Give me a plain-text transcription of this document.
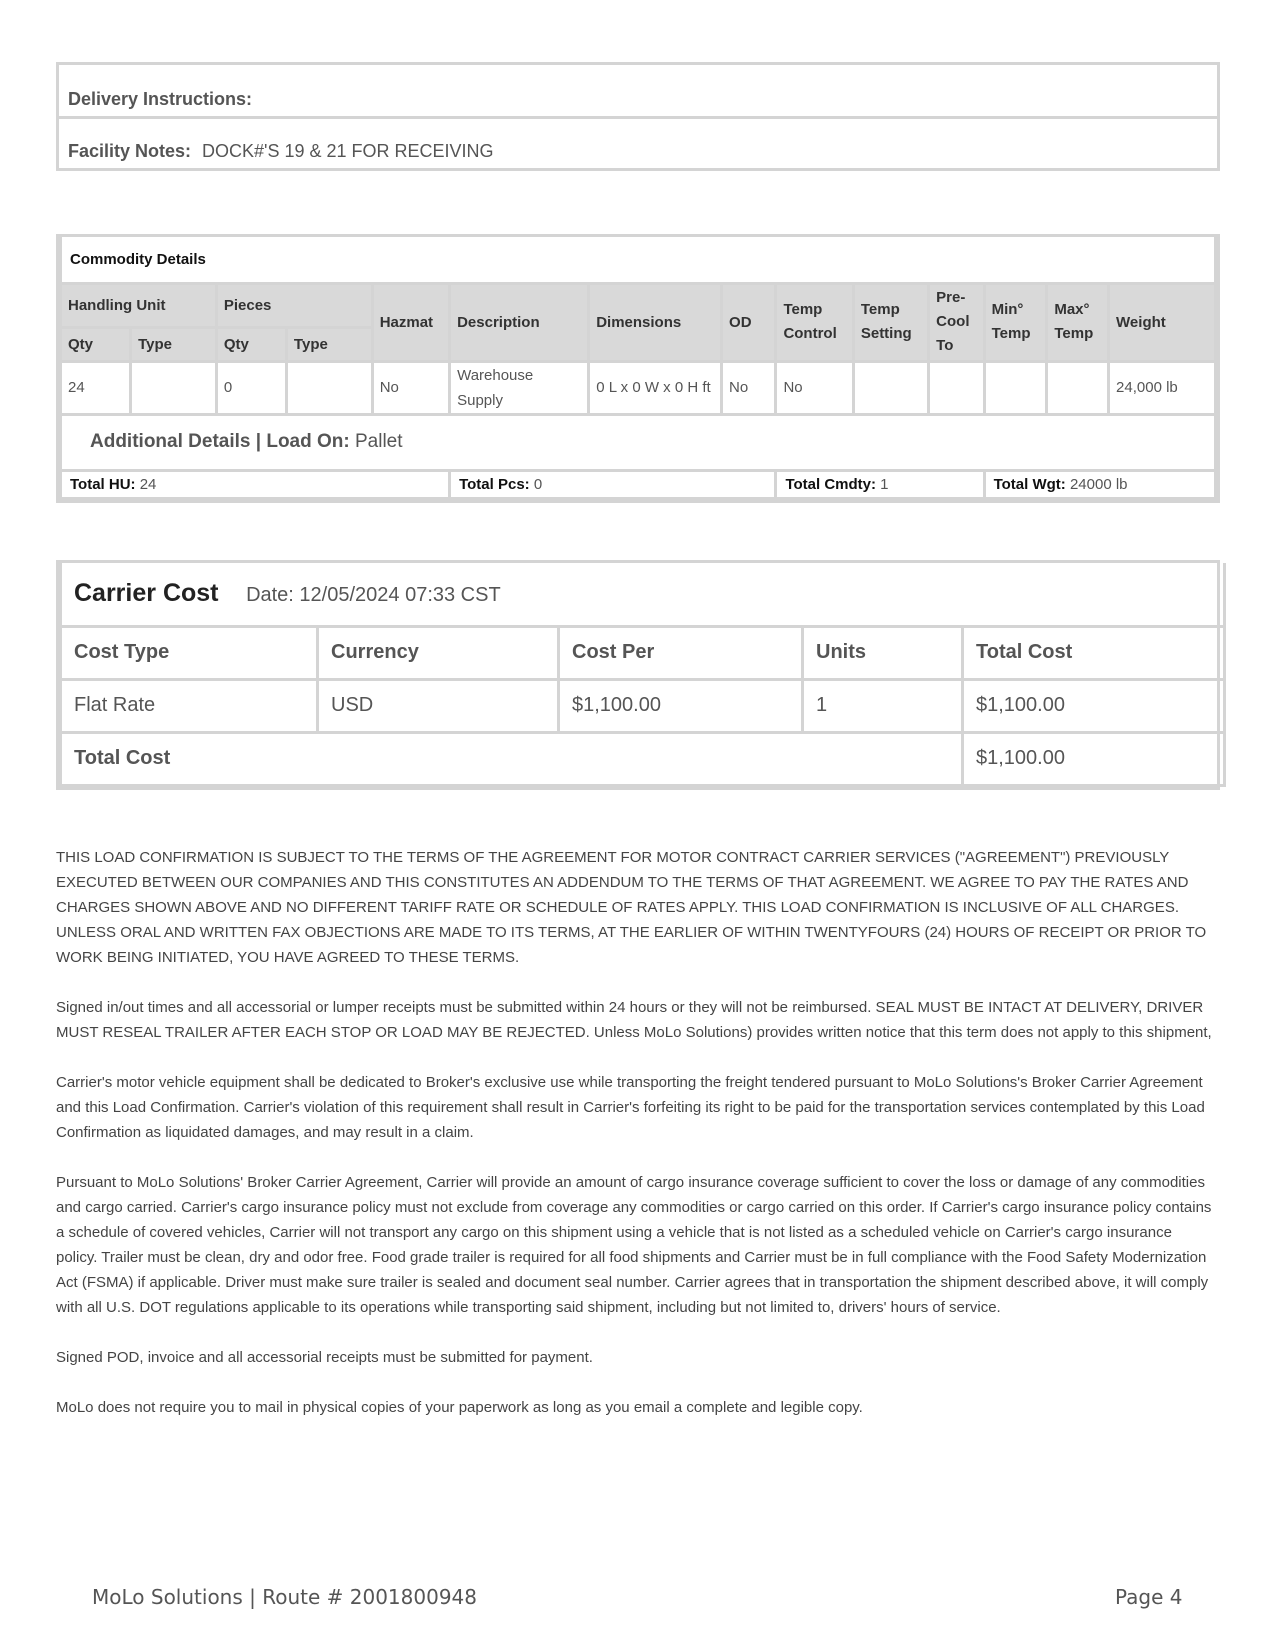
Delivery Instructions:
Facility Notes: DOCK#'S 19 & 21 FOR RECEIVING
Commodity Details													
Handling Unit		Pieces		Hazmat	Description	Dimensions	OD	Temp Control	Temp Setting	Pre-Cool To	Min° Temp	Max° Temp	Weight
Qty	Type	Qty	Type										
24		0		No	Warehouse Supply	0 L x 0 W x 0 H ft	No	No					24,000 lb
Additional Details | Load On: Pallet													
Total HU: 24					Total Pcs: 0			Total Cmdty: 1			Total Wgt: 24000 lb		
Carrier Cost Date: 12/05/2024 07:33 CST				
Cost Type	Currency	Cost Per	Units	Total Cost
Flat Rate	USD	$1,100.00	1	$1,100.00
Total Cost				$1,100.00

THIS LOAD CONFIRMATION IS SUBJECT TO THE TERMS OF THE AGREEMENT FOR MOTOR CONTRACT CARRIER SERVICES ("AGREEMENT") PREVIOUSLY EXECUTED BETWEEN OUR COMPANIES AND THIS CONSTITUTES AN ADDENDUM TO THE TERMS OF THAT AGREEMENT. WE AGREE TO PAY THE RATES AND CHARGES SHOWN ABOVE AND NO DIFFERENT TARIFF RATE OR SCHEDULE OF RATES APPLY. THIS LOAD CONFIRMATION IS INCLUSIVE OF ALL CHARGES. UNLESS ORAL AND WRITTEN FAX OBJECTIONS ARE MADE TO ITS TERMS, AT THE EARLIER OF WITHIN TWENTYFOURS (24) HOURS OF RECEIPT OR PRIOR TO WORK BEING INITIATED, YOU HAVE AGREED TO THESE TERMS.

Signed in/out times and all accessorial or lumper receipts must be submitted within 24 hours or they will not be reimbursed. SEAL MUST BE INTACT AT DELIVERY, DRIVER MUST RESEAL TRAILER AFTER EACH STOP OR LOAD MAY BE REJECTED. Unless MoLo Solutions) provides written notice that this term does not apply to this shipment,

Carrier's motor vehicle equipment shall be dedicated to Broker's exclusive use while transporting the freight tendered pursuant to MoLo Solutions's Broker Carrier Agreement and this Load Confirmation. Carrier's violation of this requirement shall result in Carrier's forfeiting its right to be paid for the transportation services contemplated by this Load Confirmation as liquidated damages, and may result in a claim.

Pursuant to MoLo Solutions' Broker Carrier Agreement, Carrier will provide an amount of cargo insurance coverage sufficient to cover the loss or damage of any commodities and cargo carried. Carrier's cargo insurance policy must not exclude from coverage any commodities or cargo carried on this order. If Carrier's cargo insurance policy contains a schedule of covered vehicles, Carrier will not transport any cargo on this shipment using a vehicle that is not listed as a scheduled vehicle on Carrier's cargo insurance policy. Trailer must be clean, dry and odor free. Food grade trailer is required for all food shipments and Carrier must be in full compliance with the Food Safety Modernization Act (FSMA) if applicable. Driver must make sure trailer is sealed and document seal number. Carrier agrees that in transportation the shipment described above, it will comply with all U.S. DOT regulations applicable to its operations while transporting said shipment, including but not limited to, drivers' hours of service.

Signed POD, invoice and all accessorial receipts must be submitted for payment.

MoLo does not require you to mail in physical copies of your paperwork as long as you email a complete and legible copy.

MoLo Solutions | Route # 2001800948	Page 4
